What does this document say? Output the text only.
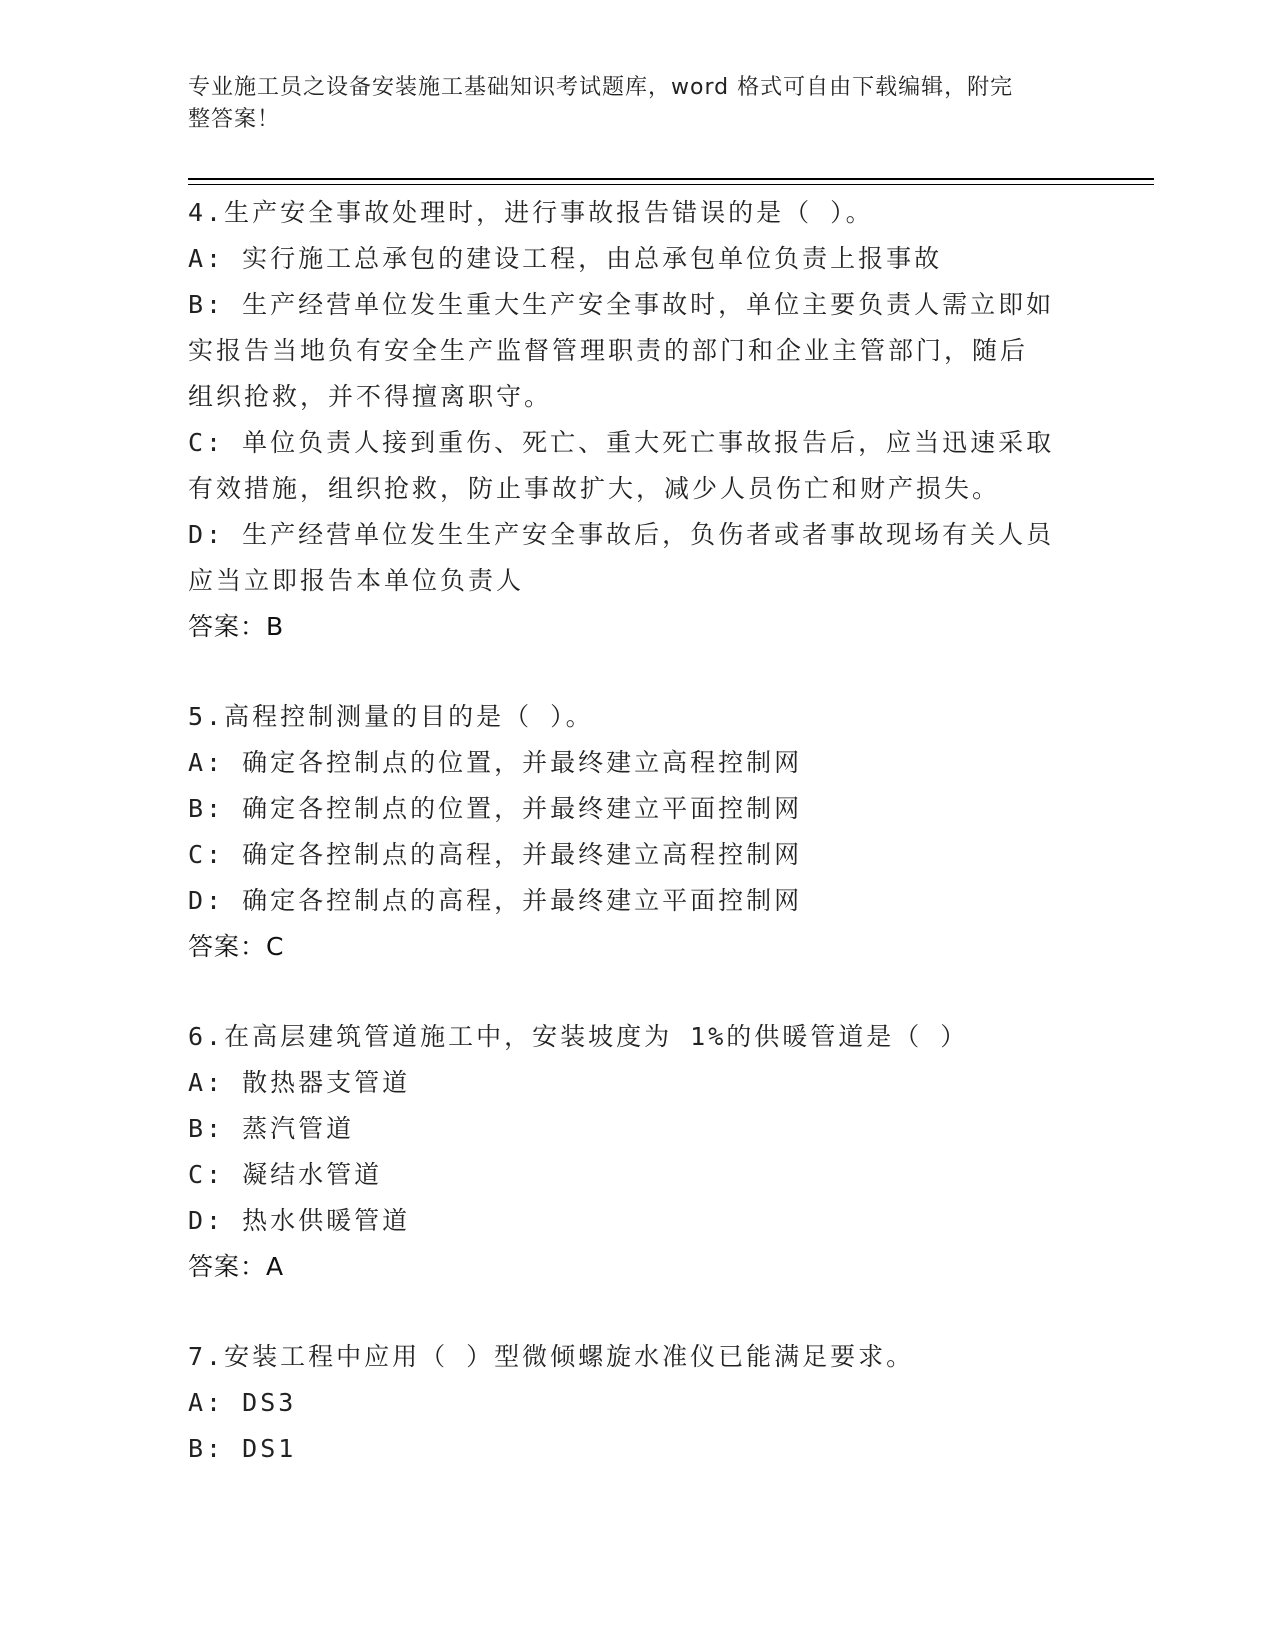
专业施工员之设备安装施工基础知识考试题库，word 格式可自由下载编辑，附完
整答案！
4.生产安全事故处理时，进行事故报告错误的是（ ）。
A: 实行施工总承包的建设工程，由总承包单位负责上报事故
B: 生产经营单位发生重大生产安全事故时，单位主要负责人需立即如
实报告当地负有安全生产监督管理职责的部门和企业主管部门，随后
组织抢救，并不得擅离职守。
C: 单位负责人接到重伤、死亡、重大死亡事故报告后，应当迅速采取
有效措施，组织抢救，防止事故扩大，减少人员伤亡和财产损失。
D: 生产经营单位发生生产安全事故后，负伤者或者事故现场有关人员
应当立即报告本单位负责人
答案：B
5.高程控制测量的目的是（ ）。
A: 确定各控制点的位置，并最终建立高程控制网
B: 确定各控制点的位置，并最终建立平面控制网
C: 确定各控制点的高程，并最终建立高程控制网
D: 确定各控制点的高程，并最终建立平面控制网
答案：C
6.在高层建筑管道施工中，安装坡度为 1%的供暖管道是（ ）
A: 散热器支管道
B: 蒸汽管道
C: 凝结水管道
D: 热水供暖管道
答案：A
7.安装工程中应用（ ）型微倾螺旋水准仪已能满足要求。
A: DS3
B: DS1
